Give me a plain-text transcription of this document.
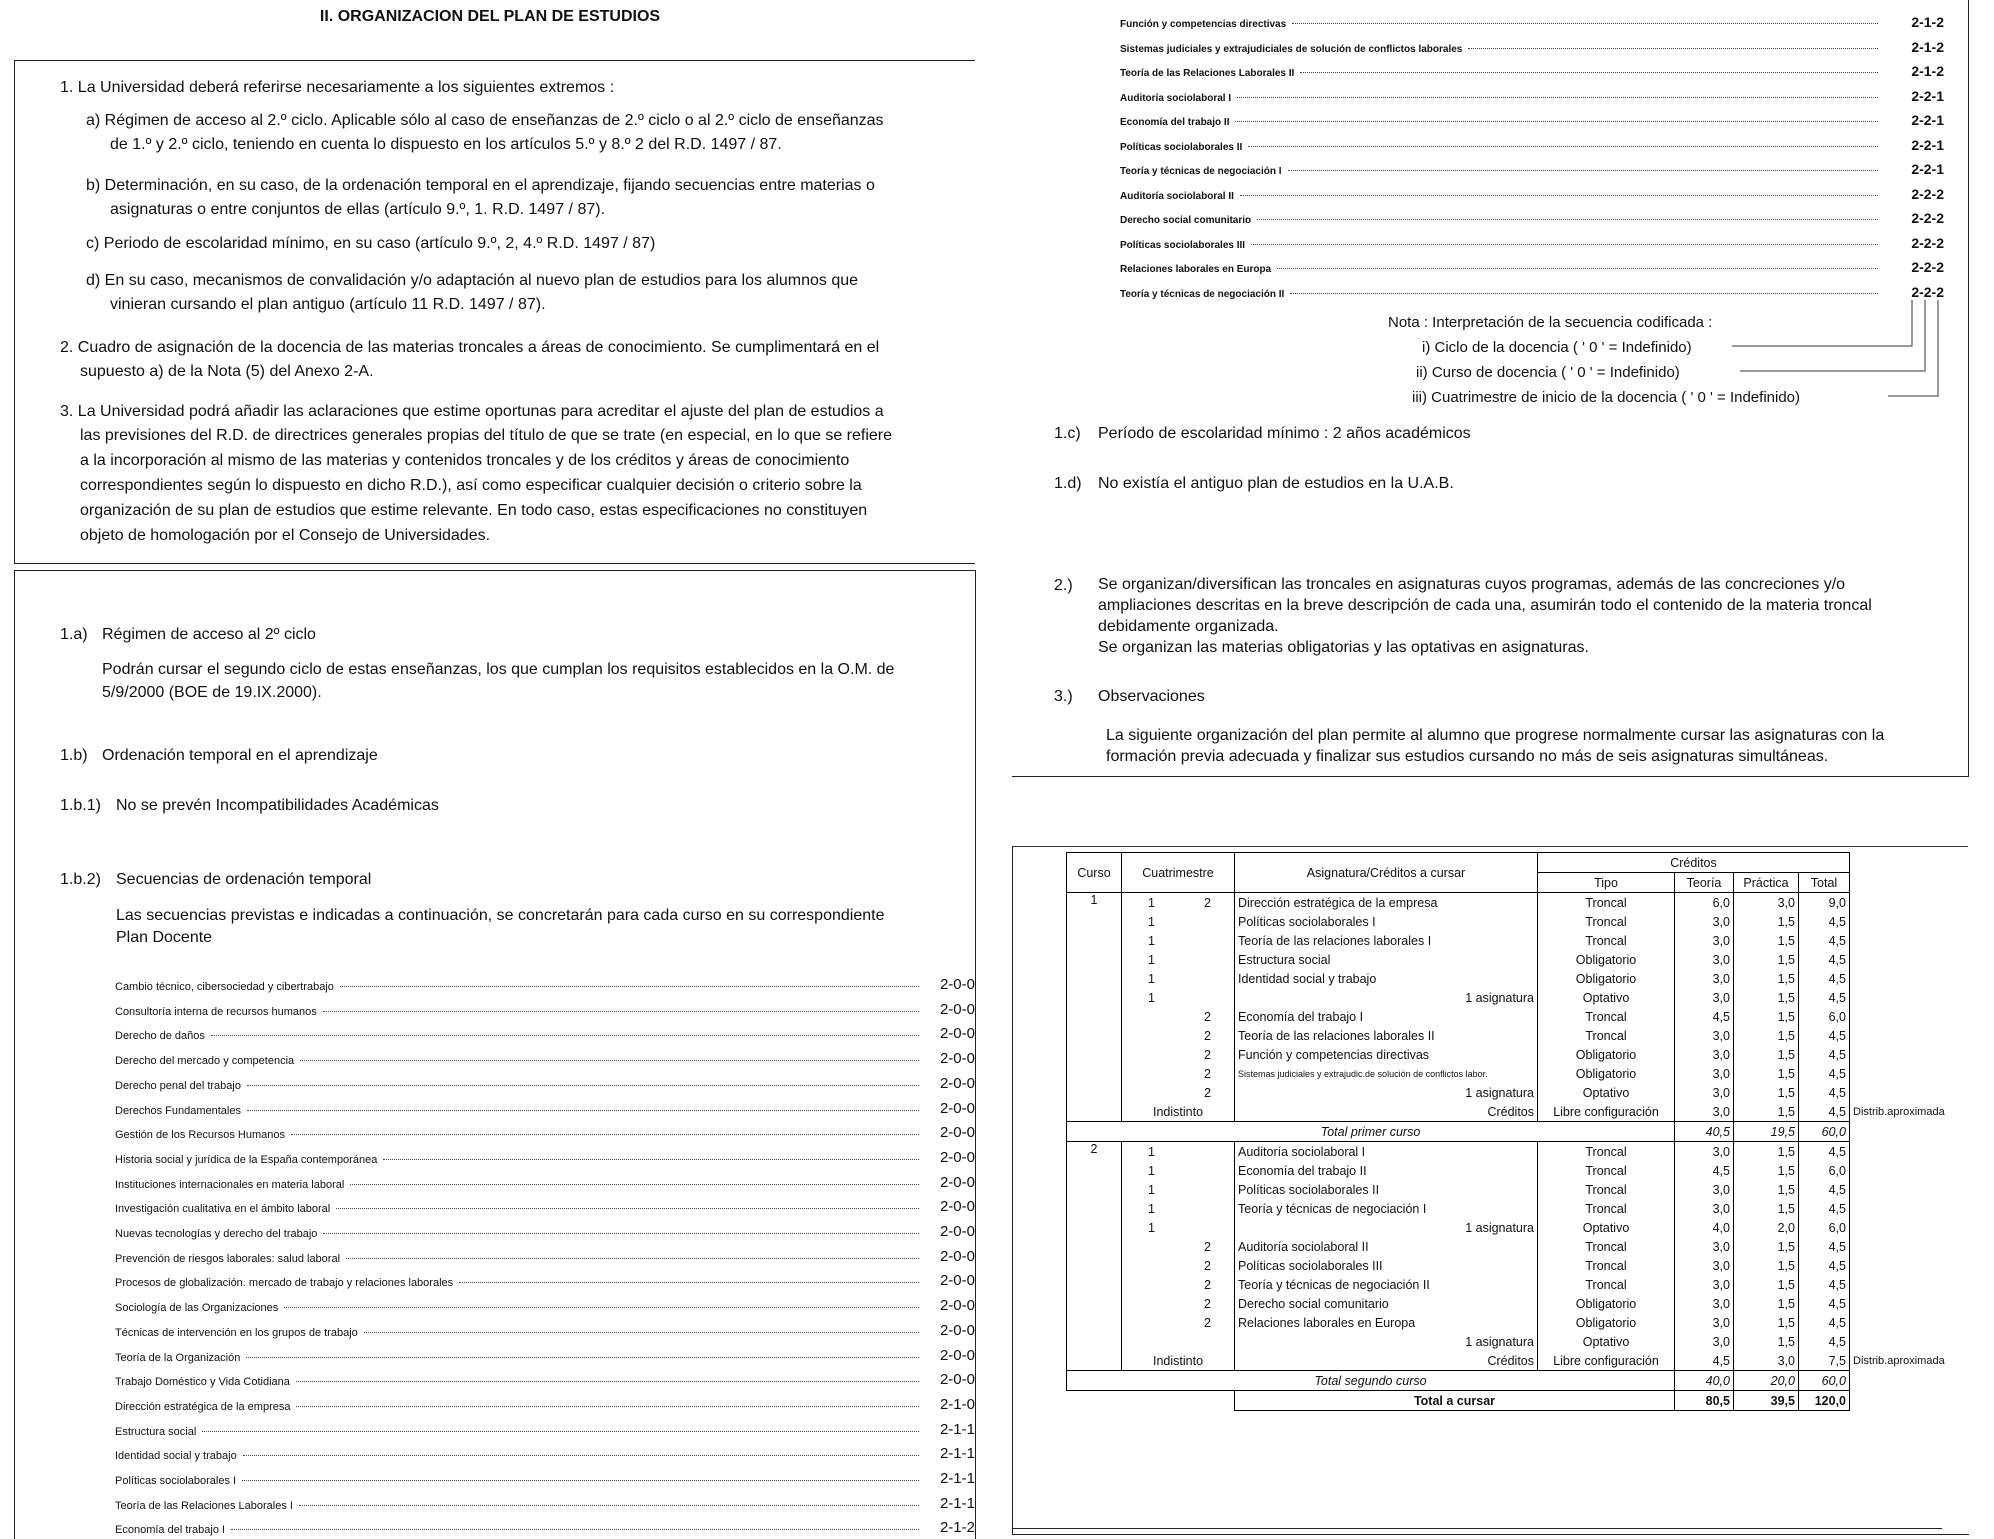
II. ORGANIZACION DEL PLAN DE ESTUDIOS
1. La Universidad deberá referirse necesariamente a los siguientes extremos :
a) Régimen de acceso al 2.º ciclo. Aplicable sólo al caso de enseñanzas de 2.º ciclo o al 2.º ciclo de enseñanzas
de 1.º y 2.º ciclo, teniendo en cuenta lo dispuesto en los artículos 5.º y 8.º 2 del R.D. 1497 / 87.
b) Determinación, en su caso, de la ordenación temporal en el aprendizaje, fijando secuencias entre materias o
asignaturas o entre conjuntos de ellas (artículo 9.º, 1. R.D. 1497 / 87).
c) Periodo de escolaridad mínimo, en su caso (artículo 9.º, 2, 4.º R.D. 1497 / 87)
d) En su caso, mecanismos de convalidación y/o adaptación al nuevo plan de estudios para los alumnos que
vinieran cursando el plan antiguo (artículo 11 R.D. 1497 / 87).
2. Cuadro de asignación de la docencia de las materias troncales a áreas de conocimiento. Se cumplimentará en el
supuesto a) de la Nota (5) del Anexo 2-A.
3. La Universidad podrá añadir las aclaraciones que estime oportunas para acreditar el ajuste del plan de estudios a
las previsiones del R.D. de directrices generales propias del título de que se trate (en especial, en lo que se refiere
a la incorporación al mismo de las materias y contenidos troncales y de los créditos y áreas de conocimiento
correspondientes según lo dispuesto en dicho R.D.), así como especificar cualquier decisión o criterio sobre la
organización de su plan de estudios que estime relevante. En todo caso, estas especificaciones no constituyen
objeto de homologación por el Consejo de Universidades.
1.a) Régimen de acceso al 2º ciclo
Podrán cursar el segundo ciclo de estas enseñanzas, los que cumplan los requisitos establecidos en la O.M. de
5/9/2000 (BOE de 19.IX.2000).
1.b) Ordenación temporal en el aprendizaje
1.b.1) No se prevén Incompatibilidades Académicas
1.b.2) Secuencias de ordenación temporal
Las secuencias previstas e indicadas a continuación, se concretarán para cada curso en su correspondiente
Plan Docente
Cambio técnico, cibersociedad y cibertrabajo	2-0-0
Consultoría interna de recursos humanos	2-0-0
Derecho de daños	2-0-0
Derecho del mercado y competencia	2-0-0
Derecho penal del trabajo	2-0-0
Derechos Fundamentales	2-0-0
Gestión de los Recursos Humanos	2-0-0
Historia social y jurídica de la España contemporánea	2-0-0
Instituciones internacionales en materia laboral	2-0-0
Investigación cualitativa en el ámbito laboral	2-0-0
Nuevas tecnologías y derecho del trabajo	2-0-0
Prevención de riesgos laborales: salud laboral	2-0-0
Procesos de globalización. mercado de trabajo y relaciones laborales	2-0-0
Sociología de las Organizaciones	2-0-0
Técnicas de intervención en los grupos de trabajo	2-0-0
Teoría de la Organización	2-0-0
Trabajo Doméstico y Vida Cotidiana	2-0-0
Dirección estratégica de la empresa	2-1-0
Estructura social	2-1-1
Identidad social y trabajo	2-1-1
Políticas sociolaborales I	2-1-1
Teoría de las Relaciones Laborales I	2-1-1
Economía del trabajo I	2-1-2
Función y competencias directivas	2-1-2
Sistemas judiciales y extrajudiciales de solución de conflictos laborales	2-1-2
Teoría de las Relaciones Laborales II	2-1-2
Auditoría sociolaboral I	2-2-1
Economía del trabajo II	2-2-1
Políticas sociolaborales II	2-2-1
Teoría y técnicas de negociación I	2-2-1
Auditoría sociolaboral II	2-2-2
Derecho social comunitario	2-2-2
Políticas sociolaborales III	2-2-2
Relaciones laborales en Europa	2-2-2
Teoría y técnicas de negociación II	2-2-2
Nota : Interpretación de la secuencia codificada :
i) Ciclo de la docencia ( ' 0 ' = Indefinido)
ii) Curso de docencia ( ' 0 ' = Indefinido)
iii) Cuatrimestre de inicio de la docencia ( ' 0 ' = Indefinido)
1.c) Período de escolaridad mínimo : 2 años académicos
1.d) No existía el antiguo plan de estudios en la U.A.B.
2.) Se organizan/diversifican las troncales en asignaturas cuyos programas, además de las concreciones y/o
ampliaciones descritas en la breve descripción de cada una, asumirán todo el contenido de la materia troncal
debidamente organizada.
Se organizan las materias obligatorias y las optativas en asignaturas.
3.) Observaciones
La siguiente organización del plan permite al alumno que progrese normalmente cursar las asignaturas con la
formación previa adecuada y finalizar sus estudios cursando no más de seis asignaturas simultáneas.
Curso	Cuatrimestre		Asignatura/Créditos a cursar	Créditos				
				Tipo	Teoría	Práctica	Total	
1	1	2	Dirección estratégica de la empresa	Troncal	6,0	3,0	9,0	
	1		Políticas sociolaborales I	Troncal	3,0	1,5	4,5	
	1		Teoría de las relaciones laborales I	Troncal	3,0	1,5	4,5	
	1		Estructura social	Obligatorio	3,0	1,5	4,5	
	1		Identidad social y trabajo	Obligatorio	3,0	1,5	4,5	
	1		1 asignatura	Optativo	3,0	1,5	4,5	
		2	Economía del trabajo I	Troncal	4,5	1,5	6,0	
		2	Teoría de las relaciones laborales II	Troncal	3,0	1,5	4,5	
		2	Función y competencias directivas	Obligatorio	3,0	1,5	4,5	
		2	Sistemas judiciales y extrajudic.de solución de conflictos labor.	Obligatorio	3,0	1,5	4,5	
		2	1 asignatura	Optativo	3,0	1,5	4,5	
	Indistinto		Créditos	Libre configuración	3,0	1,5	4,5	Distrib.aproximada
Total primer curso					40,5	19,5	60,0	
2	1		Auditoría sociolaboral I	Troncal	3,0	1,5	4,5	
	1		Economía del trabajo II	Troncal	4,5	1,5	6,0	
	1		Políticas sociolaborales II	Troncal	3,0	1,5	4,5	
	1		Teoría y técnicas de negociación I	Troncal	3,0	1,5	4,5	
	1		1 asignatura	Optativo	4,0	2,0	6,0	
		2	Auditoría sociolaboral II	Troncal	3,0	1,5	4,5	
		2	Políticas sociolaborales III	Troncal	3,0	1,5	4,5	
		2	Teoría y técnicas de negociación II	Troncal	3,0	1,5	4,5	
		2	Derecho social comunitario	Obligatorio	3,0	1,5	4,5	
		2	Relaciones laborales en Europa	Obligatorio	3,0	1,5	4,5	
			1 asignatura	Optativo	3,0	1,5	4,5	
	Indistinto		Créditos	Libre configuración	4,5	3,0	7,5	Distrib.aproximada
Total segundo curso					40,0	20,0	60,0	
			Total a cursar		80,5	39,5	120,0	
